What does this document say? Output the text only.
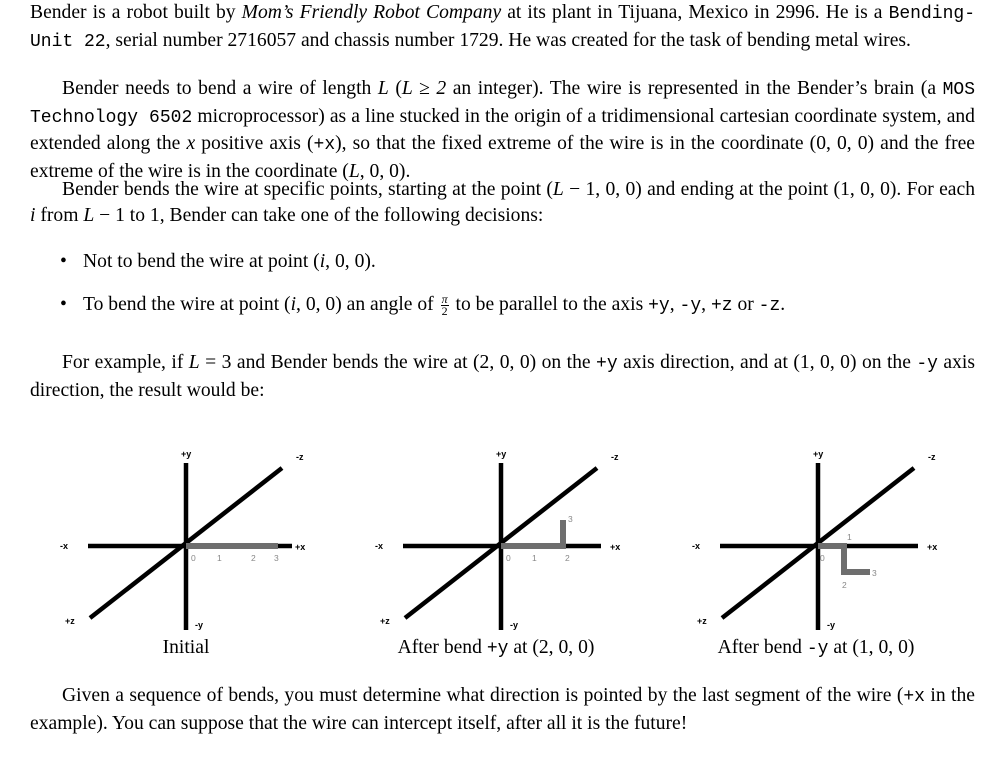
Bender is a robot built by Mom’s Friendly Robot Company at its plant in Tijuana, Mexico in 2996. He is a Bending-Unit 22, serial number 2716057 and chassis number 1729. He was created for the task of bending metal wires.

Bender needs to bend a wire of length L (L ≥ 2 an integer). The wire is represented in the Bender’s brain (a MOS Technology 6502 microprocessor) as a line stucked in the origin of a tridimensional cartesian coordinate system, and extended along the x positive axis (+x), so that the fixed extreme of the wire is in the coordinate (0, 0, 0) and the free extreme of the wire is in the coordinate (L, 0, 0).

Bender bends the wire at specific points, starting at the point (L − 1, 0, 0) and ending at the point (1, 0, 0). For each i from L − 1 to 1, Bender can take one of the following decisions:

• Not to bend the wire at point (i, 0, 0).
• To bend the wire at point (i, 0, 0) an angle of $\frac{\pi}{2}$ to be parallel to the axis +y, -y, +z or -z.

For example, if L = 3 and Bender bends the wire at (2, 0, 0) on the +y axis direction, and at (1, 0, 0) on the -y axis direction, the result would be:

0	1	2 3
+y
-y
+x
-x
+z
-z
Initial
0	1	2
3
+y
-y
+x
-x
+z
-z
After bend +y at (2, 0, 0)
0
1
2
3
+y
-y
+x
-x
+z
-z
After bend -y at (1, 0, 0)

Given a sequence of bends, you must determine what direction is pointed by the last segment of the wire (+x in the example). You can suppose that the wire can intercept itself, after all it is the future!
